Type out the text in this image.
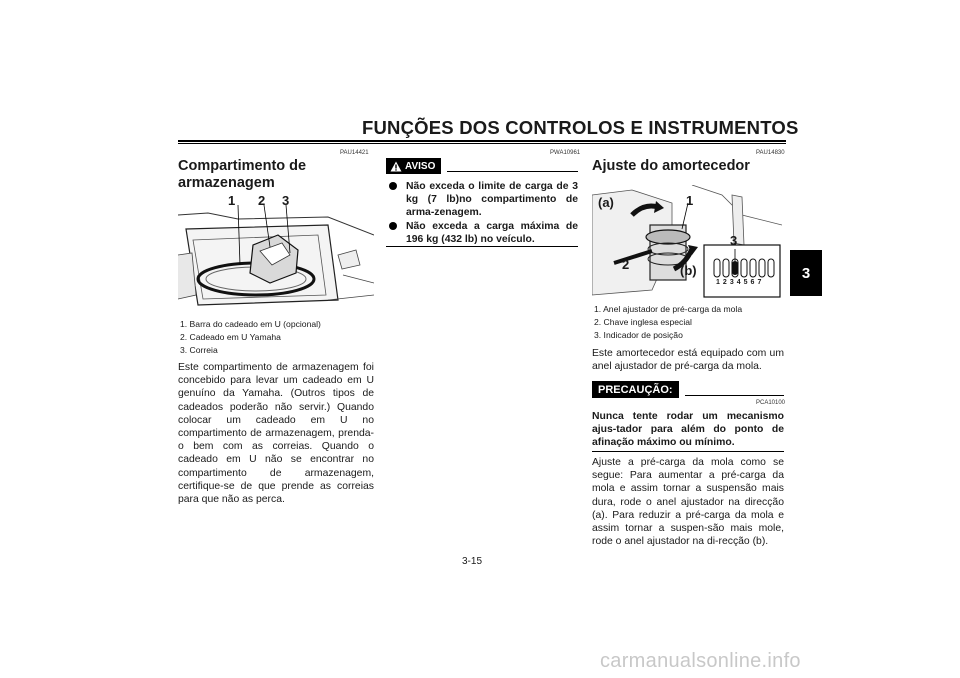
FUNÇÕES DOS CONTROLOS E INSTRUMENTOS
3
PAU14421
Compartimento de armazenagem
1 2 3
1. Barra do cadeado em U (opcional)
2. Cadeado em U Yamaha
3. Correia
Este compartimento de armazenagem foi concebido para levar um cadeado em U genuíno da Yamaha. (Outros tipos de cadeados poderão não servir.) Quando colocar um cadeado em U no compartimento de armazenagem, prenda-o bem com as correias. Quando o cadeado em U não se encontrar no compartimento de armazenagem, certifique-se de que prende as correias para que não as perca.
PWA10961
AVISO
Não exceda o limite de carga de 3 kg (7 lb)no compartimento de arma-zenagem.
Não exceda a carga máxima de 196 kg (432 lb) no veículo.
PAU14830
Ajuste do amortecedor
(a)	1
2	(b)
3
1 2 3 4 5 6 7
1. Anel ajustador de pré-carga da mola
2. Chave inglesa especial
3. Indicador de posição
Este amortecedor está equipado com um anel ajustador de pré-carga da mola.
PRECAUÇÃO:
PCA10100
Nunca tente rodar um mecanismo ajus-tador para além do ponto de afinação máximo ou mínimo.
Ajuste a pré-carga da mola como se segue: Para aumentar a pré-carga da mola e assim tornar a suspensão mais dura, rode o anel ajustador na direcção (a). Para reduzir a pré-carga da mola e assim tornar a suspen-são mais mole, rode o anel ajustador na di-recção (b).
3-15
carmanualsonline.info
